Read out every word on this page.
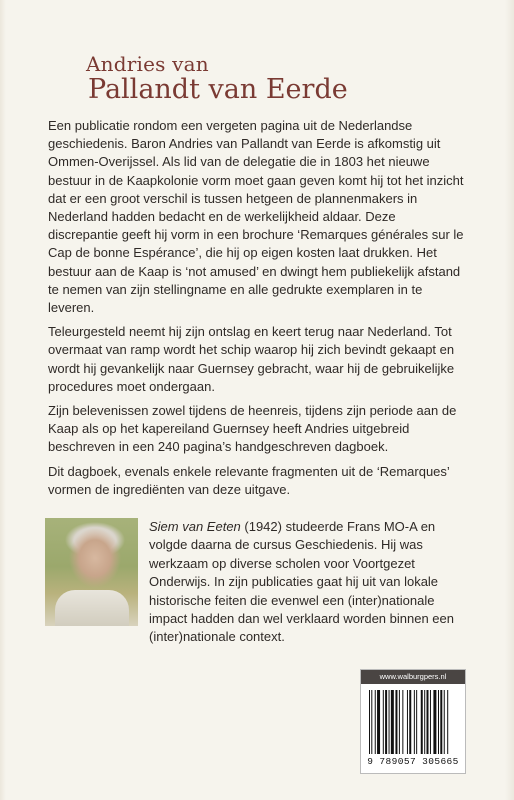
Andries van
Pallandt van Eerde

Een publicatie rondom een vergeten pagina uit de Nederlandse geschiedenis. Baron Andries van Pallandt van Eerde is afkomstig uit Ommen-Overijssel. Als lid van de delegatie die in 1803 het nieuwe bestuur in de Kaapkolonie vorm moet gaan geven komt hij tot het inzicht dat er een groot verschil is tussen hetgeen de plannenmakers in Nederland hadden bedacht en de werkelijkheid aldaar. Deze discrepantie geeft hij vorm in een brochure ‘Remarques générales sur le Cap de bonne Espérance’, die hij op eigen kosten laat drukken. Het bestuur aan de Kaap is ‘not amused’ en dwingt hem publiekelijk afstand te nemen van zijn stellingname en alle gedrukte exemplaren in te leveren.

Teleurgesteld neemt hij zijn ontslag en keert terug naar Nederland. Tot overmaat van ramp wordt het schip waarop hij zich bevindt gekaapt en wordt hij gevankelijk naar Guernsey gebracht, waar hij de gebruikelijke procedures moet ondergaan.

Zijn belevenissen zowel tijdens de heenreis, tijdens zijn periode aan de Kaap als op het kapereiland Guernsey heeft Andries uitgebreid beschreven in een 240 pagina’s handgeschreven dagboek.

Dit dagboek, evenals enkele relevante fragmenten uit de ‘Remarques’ vormen de ingrediënten van deze uitgave.

Siem van Eeten (1942) studeerde Frans MO-A en volgde daarna de cursus Geschiedenis. Hij was werkzaam op diverse scholen voor Voortgezet Onderwijs. In zijn publicaties gaat hij uit van lokale historische feiten die evenwel een (inter)nationale impact hadden dan wel verklaard worden binnen een (inter)nationale context.
www.walburgpers.nl
9 789057 305665
